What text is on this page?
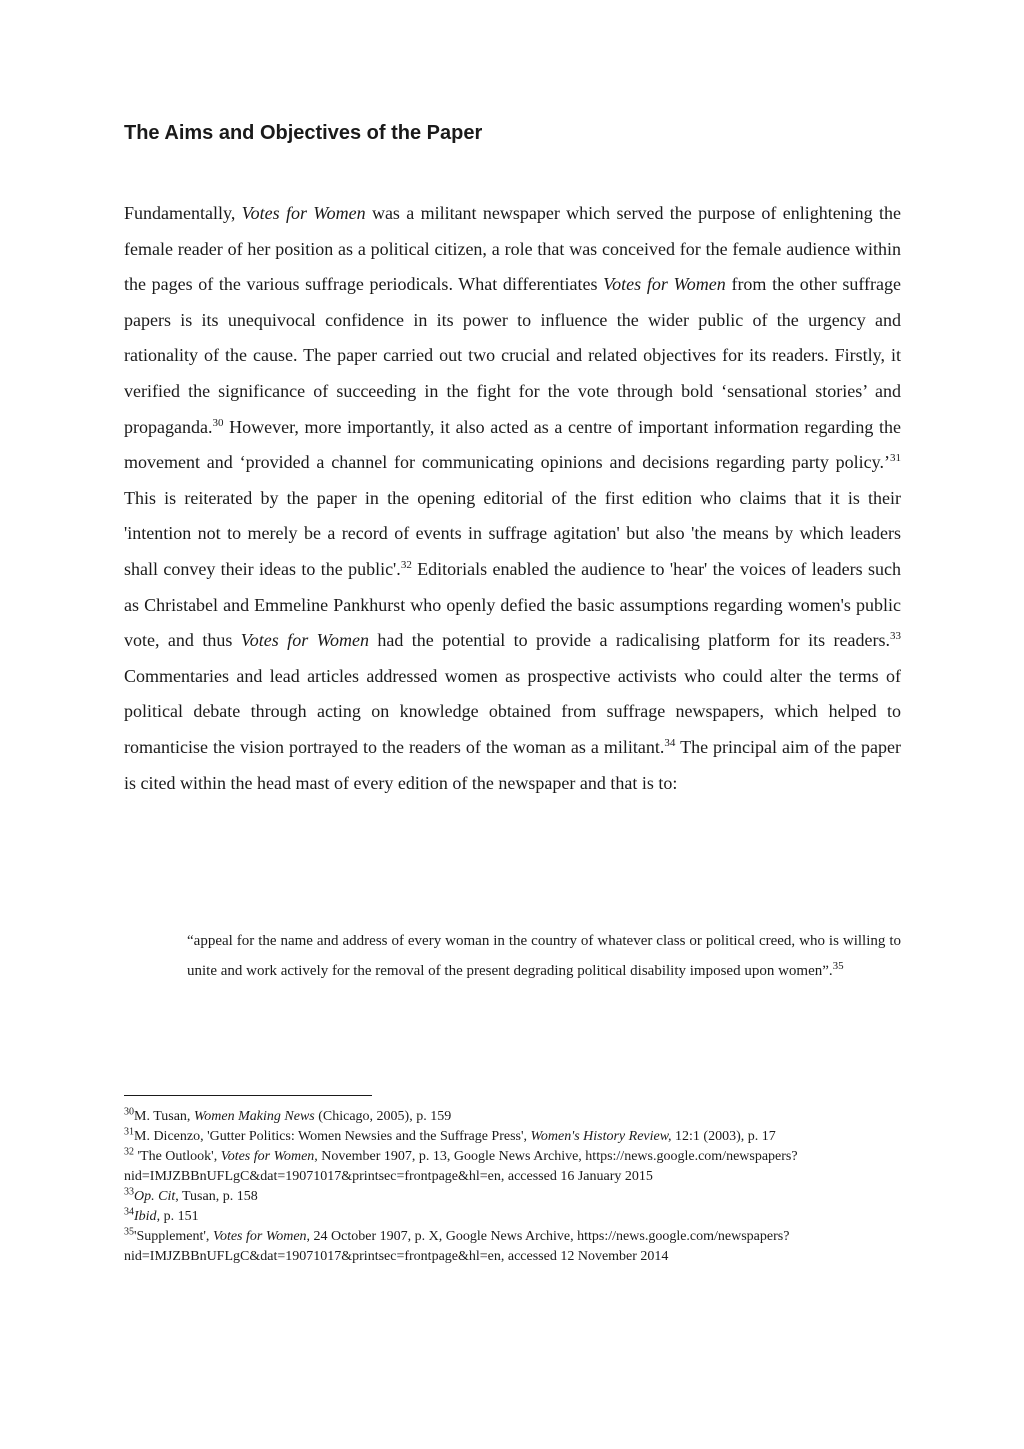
The Aims and Objectives of the Paper

Fundamentally, Votes for Women was a militant newspaper which served the purpose of enlightening the female reader of her position as a political citizen, a role that was conceived for the female audience within the pages of the various suffrage periodicals. What differentiates Votes for Women from the other suffrage papers is its unequivocal confidence in its power to influence the wider public of the urgency and rationality of the cause. The paper carried out two crucial and related objectives for its readers. Firstly, it verified the significance of succeeding in the fight for the vote through bold ‘sensational stories’ and propaganda.$^{30}$ However, more importantly, it also acted as a centre of important information regarding the movement and ‘provided a channel for communicating opinions and decisions regarding party policy.’$^{31}$ This is reiterated by the paper in the opening editorial of the first edition who claims that it is their 'intention not to merely be a record of events in suffrage agitation' but also 'the means by which leaders shall convey their ideas to the public'.$^{32}$ Editorials enabled the audience to 'hear' the voices of leaders such as Christabel and Emmeline Pankhurst who openly defied the basic assumptions regarding women's public vote, and thus Votes for Women had the potential to provide a radicalising platform for its readers.$^{33}$ Commentaries and lead articles addressed women as prospective activists who could alter the terms of political debate through acting on knowledge obtained from suffrage newspapers, which helped to romanticise the vision portrayed to the readers of the woman as a militant.$^{34}$ The principal aim of the paper is cited within the head mast of every edition of the newspaper and that is to:

“appeal for the name and address of every woman in the country of whatever class or political creed, who is willing to unite and work actively for the removal of the present degrading political disability imposed upon women”.$^{35}$

$^{30}$M. Tusan, Women Making News (Chicago, 2005), p. 159

$^{31}$M. Dicenzo, 'Gutter Politics: Women Newsies and the Suffrage Press', Women's History Review, 12:1 (2003), p. 17

$^{32}$ 'The Outlook', Votes for Women, November 1907, p. 13, Google News Archive, https://news.google.com/newspapers?nid=IMJZBBnUFLgC&dat=19071017&printsec=frontpage&hl=en, accessed 16 January 2015

$^{33}$Op. Cit, Tusan, p. 158

$^{34}$Ibid, p. 151

$^{35}$'Supplement', Votes for Women, 24 October 1907, p. X, Google News Archive, https://news.google.com/newspapers?nid=IMJZBBnUFLgC&dat=19071017&printsec=frontpage&hl=en, accessed 12 November 2014
